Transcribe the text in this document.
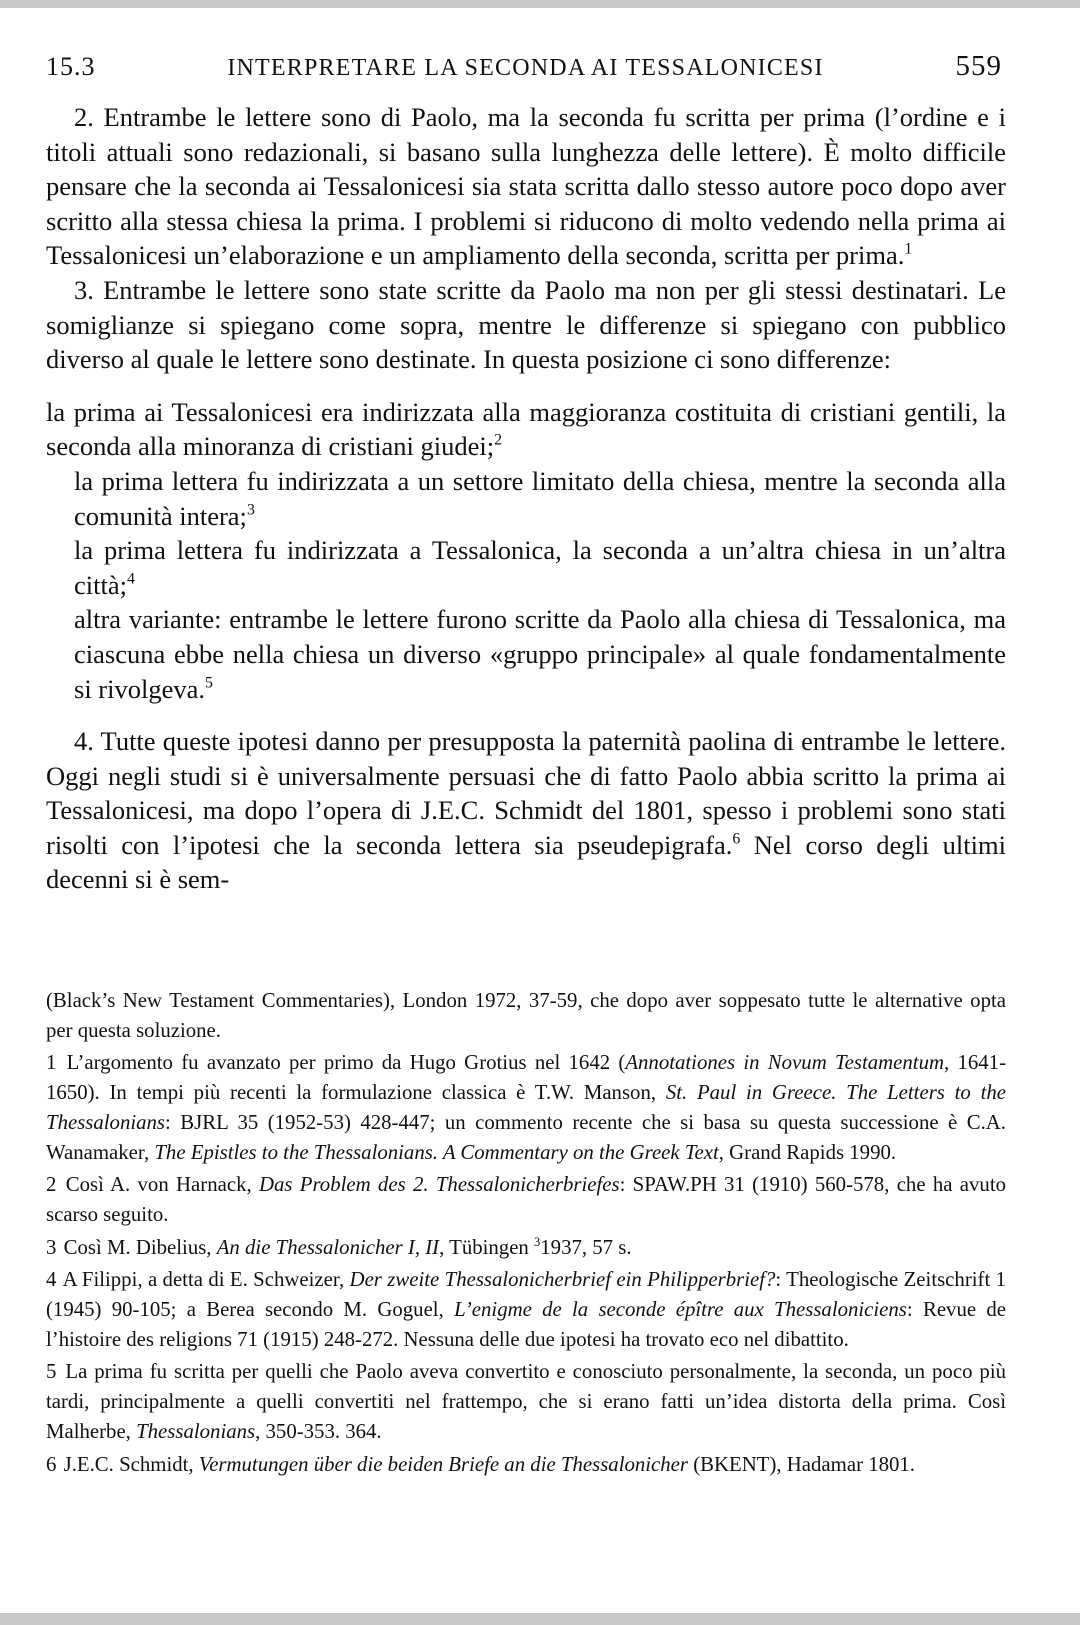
15.3	INTERPRETARE LA SECONDA AI TESSALONICESI	559

2. Entrambe le lettere sono di Paolo, ma la seconda fu scritta per prima (l’ordine e i titoli attuali sono redazionali, si basano sulla lunghezza delle lettere). È molto difficile pensare che la seconda ai Tessalonicesi sia stata scritta dallo stesso autore poco dopo aver scritto alla stessa chiesa la prima. I problemi si riducono di molto vedendo nella prima ai Tessalonicesi un’elaborazione e un ampliamento della seconda, scritta per prima.$^1$

3. Entrambe le lettere sono state scritte da Paolo ma non per gli stessi destinatari. Le somiglianze si spiegano come sopra, mentre le differenze si spiegano con pubblico diverso al quale le lettere sono destinate. In questa posizione ci sono differenze:

la prima ai Tessalonicesi era indirizzata alla maggioranza costituita di cristiani gentili, la seconda alla minoranza di cristiani giudei;$^2$

la prima lettera fu indirizzata a un settore limitato della chiesa, mentre la seconda alla comunità intera;$^3$

la prima lettera fu indirizzata a Tessalonica, la seconda a un’altra chiesa in un’altra città;$^4$

altra variante: entrambe le lettere furono scritte da Paolo alla chiesa di Tessalonica, ma ciascuna ebbe nella chiesa un diverso «gruppo principale» al quale fondamentalmente si rivolgeva.$^5$

4. Tutte queste ipotesi danno per presupposta la paternità paolina di entrambe le lettere. Oggi negli studi si è universalmente persuasi che di fatto Paolo abbia scritto la prima ai Tessalonicesi, ma dopo l’opera di J.E.C. Schmidt del 1801, spesso i problemi sono stati risolti con l’ipotesi che la seconda lettera sia pseudepigrafa.$^6$ Nel corso degli ultimi decenni si è sem-

(Black’s New Testament Commentaries), London 1972, 37-59, che dopo aver soppesato tutte le alternative opta per questa soluzione.

1 L’argomento fu avanzato per primo da Hugo Grotius nel 1642 (Annotationes in Novum Testamentum, 1641-1650). In tempi più recenti la formulazione classica è T.W. Manson, St. Paul in Greece. The Letters to the Thessalonians: BJRL 35 (1952-53) 428-447; un commento recente che si basa su questa successione è C.A. Wanamaker, The Epistles to the Thessalonians. A Commentary on the Greek Text, Grand Rapids 1990.

2 Così A. von Harnack, Das Problem des 2. Thessalonicherbriefes: SPAW.PH 31 (1910) 560-578, che ha avuto scarso seguito.

3 Così M. Dibelius, An die Thessalonicher I, II, Tübingen $^3$1937, 57 s.

4 A Filippi, a detta di E. Schweizer, Der zweite Thessalonicherbrief ein Philipperbrief?: Theologische Zeitschrift 1 (1945) 90-105; a Berea secondo M. Goguel, L’enigme de la seconde épître aux Thessaloniciens: Revue de l’histoire des religions 71 (1915) 248-272. Nessuna delle due ipotesi ha trovato eco nel dibattito.

5 La prima fu scritta per quelli che Paolo aveva convertito e conosciuto personalmente, la seconda, un poco più tardi, principalmente a quelli convertiti nel frattempo, che si erano fatti un’idea distorta della prima. Così Malherbe, Thessalonians, 350-353. 364.

6 J.E.C. Schmidt, Vermutungen über die beiden Briefe an die Thessalonicher (BKENT), Hadamar 1801.
